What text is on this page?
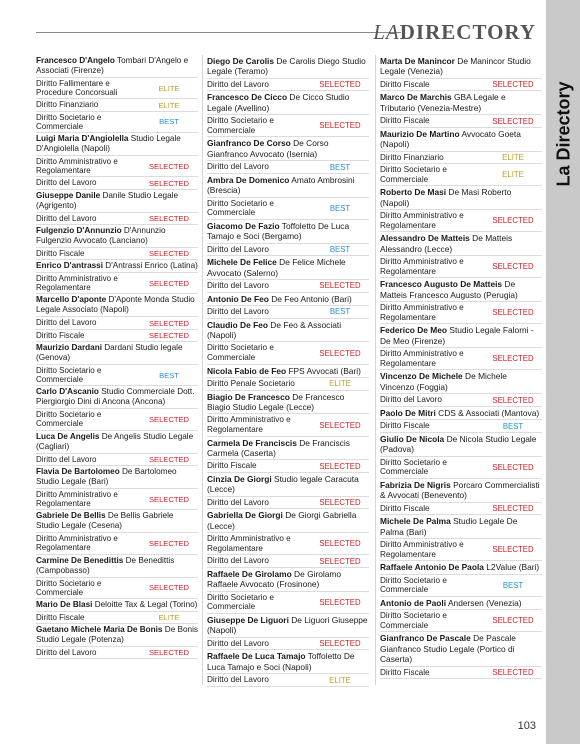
LADIRECTORY
La Directory
Francesco D'Angelo Tombari D'Angelo e Associati (Firenze)
Diritto Fallimentare e Procedure Concorsuali	ELITE
Diritto Finanziario	ELITE
Diritto Societario e Commerciale	BEST
Luigi Maria D'Angiolella Studio Legale D'Angiolella (Napoli)
Diritto Amministrativo e Regolamentare	SELECTED
Diritto del Lavoro	SELECTED
Giuseppe Danile Danile Studio Legale (Agrigento)
Diritto del Lavoro	SELECTED
Fulgenzio D'Annunzio D'Annunzio Fulgenzio Avvocato (Lanciano)
Diritto Fiscale	SELECTED
Enrico D'antrassi D'Antrassi Enrico (Latina)
Diritto Amministrativo e Regolamentare	SELECTED
Marcello D'aponte D'Aponte Monda Studio Legale Associato (Napoli)
Diritto del Lavoro	SELECTED
Diritto Fiscale	SELECTED
Maurizio Dardani Dardani Studio legale (Genova)
Diritto Societario e Commerciale	BEST
Carlo D'Ascanio Studio Commerciale Dott. Piergiorgio Dini di Ancona (Ancona)
Diritto Societario e Commerciale	SELECTED
Luca De Angelis De Angelis Studio Legale (Cagliari)
Diritto del Lavoro	SELECTED
Flavia De Bartolomeo De Bartolomeo Studio Legale (Bari)
Diritto Amministrativo e Regolamentare	SELECTED
Gabriele De Bellis De Bellis Gabriele Studio Legale (Cesena)
Diritto Amministrativo e Regolamentare	SELECTED
Carmine De Benedittis De Benedittis (Campobasso)
Diritto Societario e Commerciale	SELECTED
Mario De Blasi Deloitte Tax & Legal (Torino)
Diritto Fiscale	ELITE
Gaetano Michele Maria De Bonis De Bonis Studio Legale (Potenza)
Diritto del Lavoro	SELECTED
Diego De Carolis De Carolis Diego Studio Legale (Teramo)
Diritto del Lavoro	SELECTED
Francesco De Cicco De Cicco Studio Legale (Avellino)
Diritto Societario e Commerciale	SELECTED
Gianfranco De Corso De Corso Gianfranco Avvocato (Isernia)
Diritto del Lavoro	BEST
Ambra De Domenico Amato Ambrosini (Brescia)
Diritto Societario e Commerciale	BEST
Giacomo De Fazio Toffoletto De Luca Tamajo e Soci (Bergamo)
Diritto del Lavoro	BEST
Michele De Felice De Felice Michele Avvocato (Salerno)
Diritto del Lavoro	SELECTED
Antonio De Feo De Feo Antonio (Bari)
Diritto del Lavoro	BEST
Claudio De Feo De Feo & Associati (Napoli)
Diritto Societario e Commerciale	SELECTED
Nicola Fabio de Feo FPS Avvocati (Bari)
Diritto Penale Societario	ELITE
Biagio De Francesco De Francesco Biagio Studio Legale (Lecce)
Diritto Amministrativo e Regolamentare	SELECTED
Carmela De Franciscis De Franciscis Carmela (Caserta)
Diritto Fiscale	SELECTED
Cinzia De Giorgi Studio legale Caracuta (Lecce)
Diritto del Lavoro	SELECTED
Gabriella De Giorgi De Giorgi Gabriella (Lecce)
Diritto Amministrativo e Regolamentare	SELECTED
Diritto del Lavoro	SELECTED
Raffaele De Girolamo De Girolamo Raffaele Avvocato (Frosinone)
Diritto Societario e Commerciale	SELECTED
Giuseppe De Liguori De Liguori Giuseppe (Napoli)
Diritto del Lavoro	SELECTED
Raffaele De Luca Tamajo Toffoletto De Luca Tamajo e Soci (Napoli)
Diritto del Lavoro	ELITE
Marta De Manincor De Manincor Studio Legale (Venezia)
Diritto Fiscale	SELECTED
Marco De Marchis GBA Legale e Tributario (Venezia-Mestre)
Diritto Fiscale	SELECTED
Maurizio De Martino Avvocato Goeta (Napoli)
Diritto Finanziario	ELITE
Diritto Societario e Commerciale	ELITE
Roberto De Masi De Masi Roberto (Napoli)
Diritto Amministrativo e Regolamentare	SELECTED
Alessandro De Matteis De Matteis Alessandro (Lecce)
Diritto Amministrativo e Regolamentare	SELECTED
Francesco Augusto De Matteis De Matteis Francesco Augusto (Perugia)
Diritto Amministrativo e Regolamentare	SELECTED
Federico De Meo Studio Legale Falorni - De Meo (Firenze)
Diritto Amministrativo e Regolamentare	SELECTED
Vincenzo De Michele De Michele Vincenzo (Foggia)
Diritto del Lavoro	SELECTED
Paolo De Mitri CDS & Associati (Mantova)
Diritto Fiscale	BEST
Giulio De Nicola De Nicola Studio Legale (Padova)
Diritto Societario e Commerciale	SELECTED
Fabrizia De Nigris Porcaro Commercialisti & Avvocati (Benevento)
Diritto Fiscale	SELECTED
Michele De Palma Studio Legale De Palma (Bari)
Diritto Amministrativo e Regolamentare	SELECTED
Raffaele Antonio De Paola L2Value (Bari)
Diritto Societario e Commerciale	BEST
Antonio de Paoli Andersen (Venezia)
Diritto Societario e Commerciale	SELECTED
Gianfranco De Pascale De Pascale Gianfranco Studio Legale (Portico di Caserta)
Diritto Fiscale	SELECTED
103
